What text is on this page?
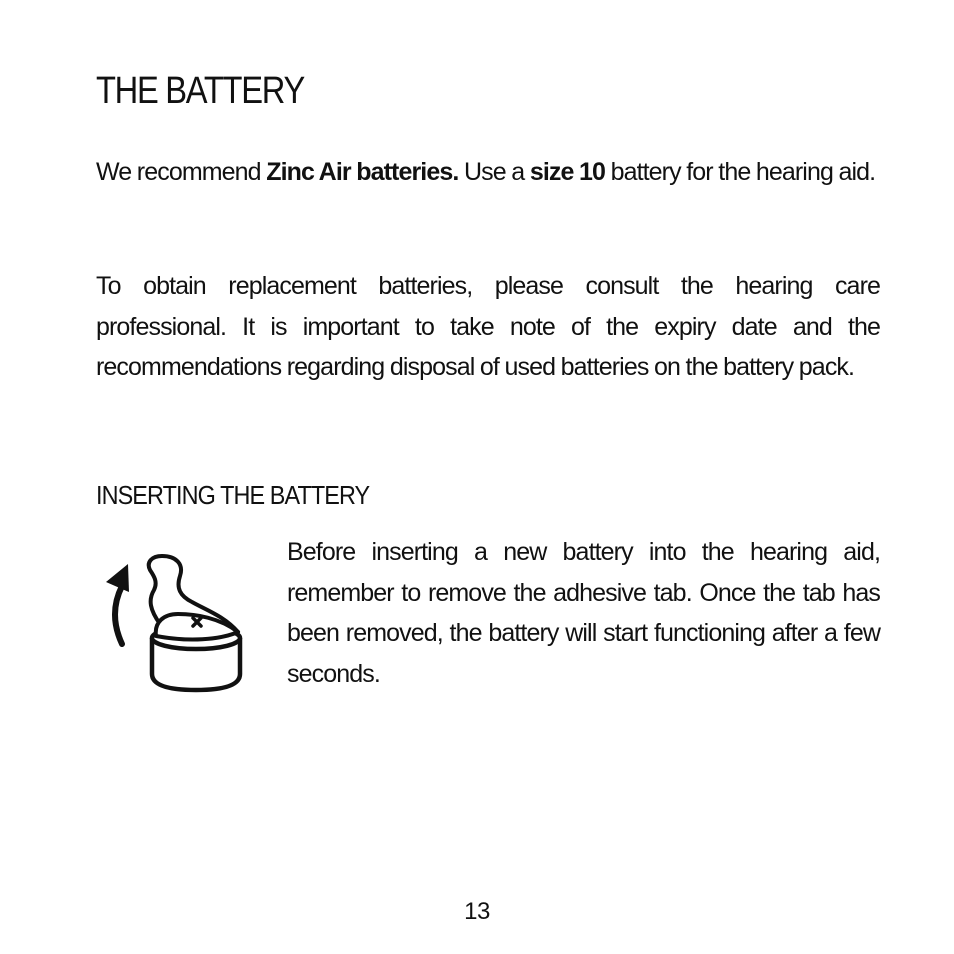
THE BATTERY

We recommend Zinc Air batteries. Use a size 10 battery for the hearing aid.

To obtain replacement batteries, please consult the hearing care professional. It is important to take note of the expiry date and the recommendations regarding disposal of used batteries on the battery pack.

INSERTING THE BATTERY

Before inserting a new battery into the hearing aid, remember to remove the adhesive tab. Once the tab has been removed, the battery will start functioning after a few seconds.

13
